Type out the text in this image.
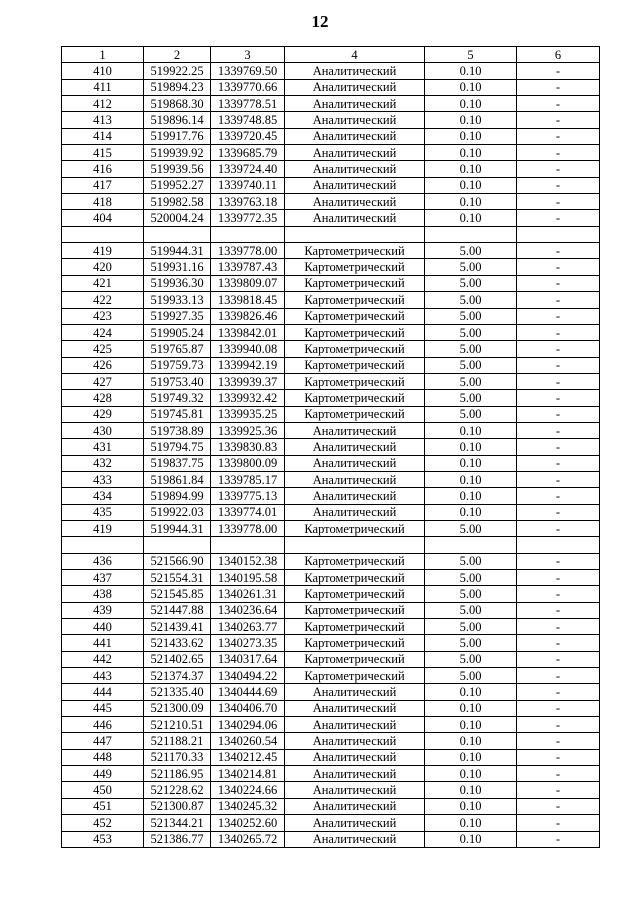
12
1	2	3	4	5	6
410	519922.25	1339769.50	Аналитический	0.10	-
411	519894.23	1339770.66	Аналитический	0.10	-
412	519868.30	1339778.51	Аналитический	0.10	-
413	519896.14	1339748.85	Аналитический	0.10	-
414	519917.76	1339720.45	Аналитический	0.10	-
415	519939.92	1339685.79	Аналитический	0.10	-
416	519939.56	1339724.40	Аналитический	0.10	-
417	519952.27	1339740.11	Аналитический	0.10	-
418	519982.58	1339763.18	Аналитический	0.10	-
404	520004.24	1339772.35	Аналитический	0.10	-

419	519944.31	1339778.00	Картометрический	5.00	-
420	519931.16	1339787.43	Картометрический	5.00	-
421	519936.30	1339809.07	Картометрический	5.00	-
422	519933.13	1339818.45	Картометрический	5.00	-
423	519927.35	1339826.46	Картометрический	5.00	-
424	519905.24	1339842.01	Картометрический	5.00	-
425	519765.87	1339940.08	Картометрический	5.00	-
426	519759.73	1339942.19	Картометрический	5.00	-
427	519753.40	1339939.37	Картометрический	5.00	-
428	519749.32	1339932.42	Картометрический	5.00	-
429	519745.81	1339935.25	Картометрический	5.00	-
430	519738.89	1339925.36	Аналитический	0.10	-
431	519794.75	1339830.83	Аналитический	0.10	-
432	519837.75	1339800.09	Аналитический	0.10	-
433	519861.84	1339785.17	Аналитический	0.10	-
434	519894.99	1339775.13	Аналитический	0.10	-
435	519922.03	1339774.01	Аналитический	0.10	-
419	519944.31	1339778.00	Картометрический	5.00	-

436	521566.90	1340152.38	Картометрический	5.00	-
437	521554.31	1340195.58	Картометрический	5.00	-
438	521545.85	1340261.31	Картометрический	5.00	-
439	521447.88	1340236.64	Картометрический	5.00	-
440	521439.41	1340263.77	Картометрический	5.00	-
441	521433.62	1340273.35	Картометрический	5.00	-
442	521402.65	1340317.64	Картометрический	5.00	-
443	521374.37	1340494.22	Картометрический	5.00	-
444	521335.40	1340444.69	Аналитический	0.10	-
445	521300.09	1340406.70	Аналитический	0.10	-
446	521210.51	1340294.06	Аналитический	0.10	-
447	521188.21	1340260.54	Аналитический	0.10	-
448	521170.33	1340212.45	Аналитический	0.10	-
449	521186.95	1340214.81	Аналитический	0.10	-
450	521228.62	1340224.66	Аналитический	0.10	-
451	521300.87	1340245.32	Аналитический	0.10	-
452	521344.21	1340252.60	Аналитический	0.10	-
453	521386.77	1340265.72	Аналитический	0.10	-
